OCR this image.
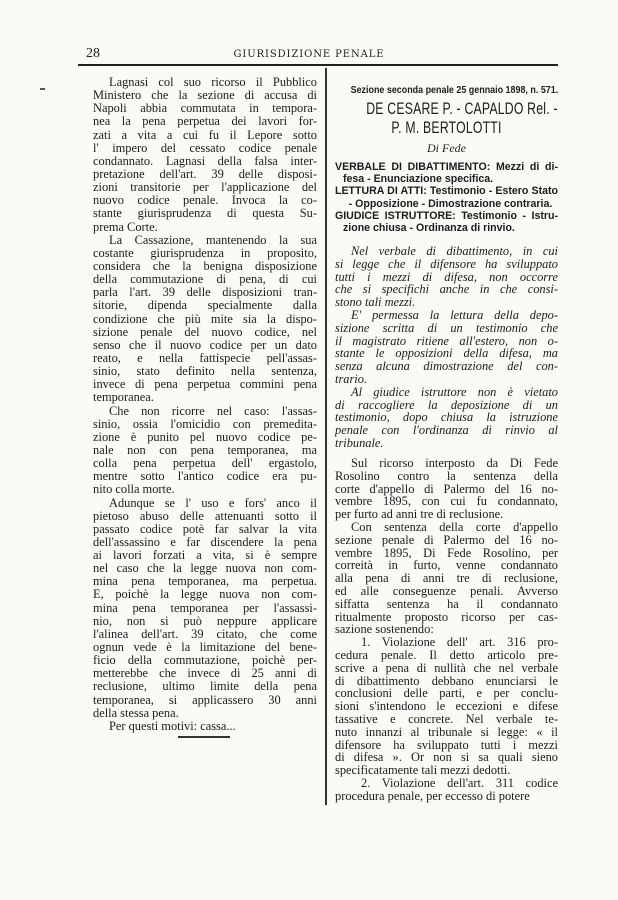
28	GIURISDIZIONE PENALE
Lagnasi col suo ricorso il Pubblico
Ministero che la sezione di accusa di
Napoli abbia commutata in tempora-
nea la pena perpetua dei lavori for-
zati a vita a cui fu il Lepore sotto
l' impero del cessato codice penale
condannato. Lagnasi della falsa inter-
pretazione dell'art. 39 delle disposi-
zioni transitorie per l'applicazione del
nuovo codice penale. Invoca la co-
stante giurisprudenza di questa Su-
prema Corte.
La Cassazione, mantenendo la sua
costante giurisprudenza in proposito,
considera che la benigna disposizione
della commutazione di pena, di cui
parla l'art. 39 delle disposizioni tran-
sitorie, dipenda specialmente dalla
condizione che più mite sia la dispo-
sizione penale del nuovo codice, nel
senso che il nuovo codice per un dato
reato, e nella fattispecie pell'assas-
sinio, stato definito nella sentenza,
invece di pena perpetua commini pena
temporanea.
Che non ricorre nel caso: l'assas-
sinio, ossia l'omicidio con premedita-
zione è punito pel nuovo codice pe-
nale non con pena temporanea, ma
colla pena perpetua dell' ergastolo,
mentre sotto l'antico codice era pu-
nito colla morte.
Adunque se l' uso e fors' anco il
pietoso abuso delle attenuanti sotto il
passato codice potè far salvar la vita
dell'assassino e far discendere la pena
ai lavori forzati a vita, si è sempre
nel caso che la legge nuova non com-
mina pena temporanea, ma perpetua.
E, poichè la legge nuova non com-
mina pena temporanea per l'assassi-
nio, non si può neppure applicare
l'alinea dell'art. 39 citato, che come
ognun vede è la limitazione del bene-
ficio della commutazione, poichè per-
metterebbe che invece di 25 anni di
reclusione, ultimo limite della pena
temporanea, si applicassero 30 anni
della stessa pena.
Per questi motivi: cassa...
Sezione seconda penale 25 gennaio 1898, n. 571.
DE CESARE P. - CAPALDO Rel. -
P. M. BERTOLOTTI
Di Fede
VERBALE DI DIBATTIMENTO: Mezzi di di-
fesa - Enunciazione specifica.
LETTURA DI ATTI: Testimonio - Estero Stato
- Opposizione - Dimostrazione contraria.
GIUDICE ISTRUTTORE: Testimonio - Istru-
zione chiusa - Ordinanza di rinvio.
Nel verbale di dibattimento, in cui
si legge che il difensore ha sviluppato
tutti i mezzi di difesa, non occorre
che si specifichi anche in che consi-
stono tali mezzi.
E' permessa la lettura della depo-
sizione scritta di un testimonio che
il magistrato ritiene all'estero, non o-
stante le opposizioni della difesa, ma
senza alcuna dimostrazione del con-
trario.
Al giudice istruttore non è vietato
di raccogliere la deposizione di un
testimonio, dopo chiusa la istruzione
penale con l'ordinanza di rinvio al
tribunale.
Sul ricorso interposto da Di Fede
Rosolino contro la sentenza della
corte d'appello di Palermo del 16 no-
vembre 1895, con cui fu condannato,
per furto ad anni tre di reclusione.
Con sentenza della corte d'appello
sezione penale di Palermo del 16 no-
vembre 1895, Di Fede Rosolino, per
correità in furto, venne condannato
alla pena di anni tre di reclusione,
ed alle conseguenze penali. Avverso
siffatta sentenza ha il condannato
ritualmente proposto ricorso per cas-
sazione sostenendo:
1. Violazione dell' art. 316 pro-
cedura penale. Il detto articolo pre-
scrive a pena di nullità che nel verbale
di dibattimento debbano enunciarsi le
conclusioni delle parti, e per conclu-
sioni s'intendono le eccezioni e difese
tassative e concrete. Nel verbale te-
nuto innanzi al tribunale si legge: « il
difensore ha sviluppato tutti i mezzi
di difesa ». Or non si sa quali sieno
specificatamente tali mezzi dedotti.
2. Violazione dell'art. 311 codice
procedura penale, per eccesso di potere
